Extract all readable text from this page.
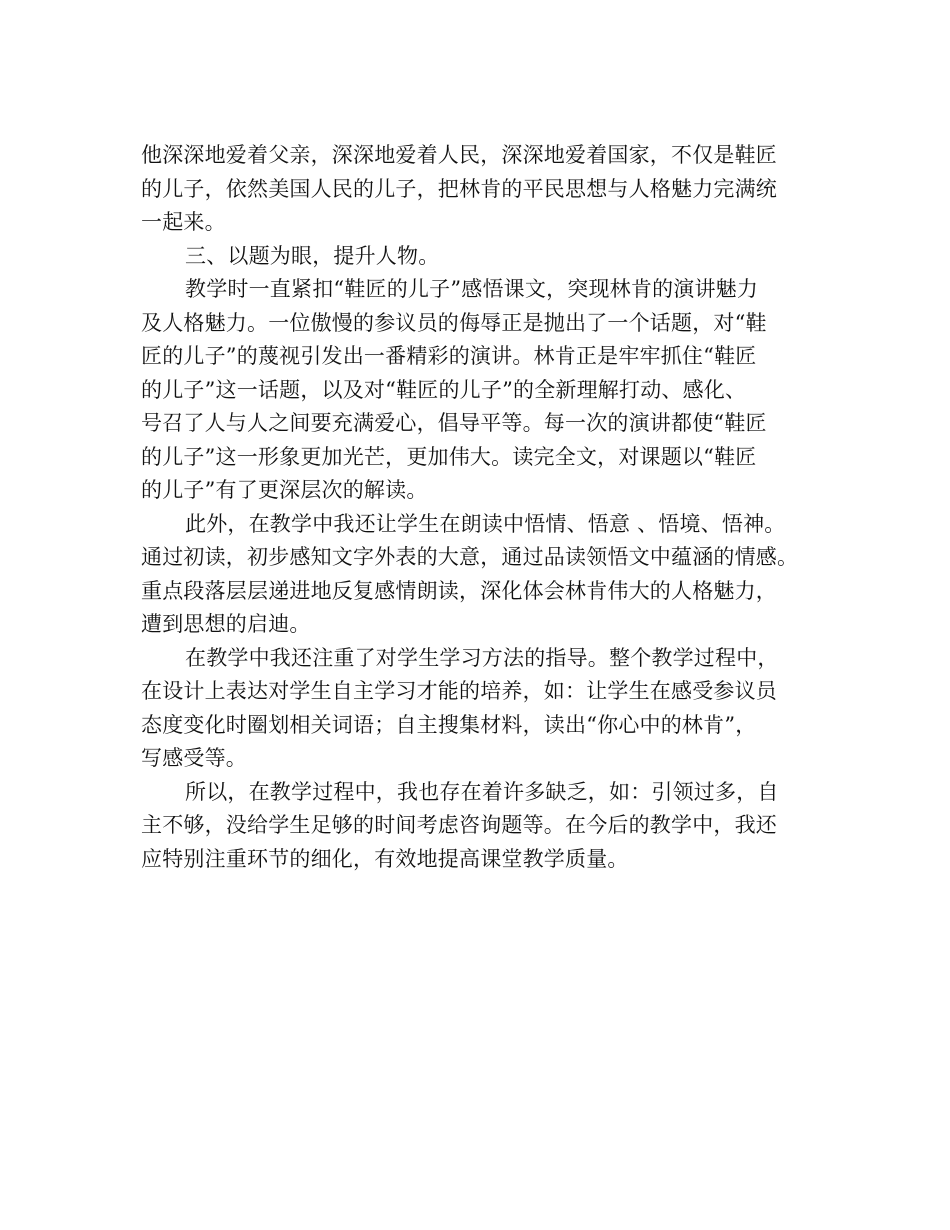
他深深地爱着父亲，深深地爱着人民，深深地爱着国家，不仅是鞋匠
的儿子，依然美国人民的儿子，把林肯的平民思想与人格魅力完满统
一起来。
三、以题为眼，提升人物。
教学时一直紧扣“鞋匠的儿子”感悟课文，突现林肯的演讲魅力
及人格魅力。一位傲慢的参议员的侮辱正是抛出了一个话题，对“鞋
匠的儿子”的蔑视引发出一番精彩的演讲。林肯正是牢牢抓住“鞋匠
的儿子”这一话题，以及对“鞋匠的儿子”的全新理解打动、感化、
号召了人与人之间要充满爱心，倡导平等。每一次的演讲都使“鞋匠
的儿子”这一形象更加光芒，更加伟大。读完全文，对课题以“鞋匠
的儿子”有了更深层次的解读。
此外，在教学中我还让学生在朗读中悟情、悟意 、悟境、悟神。
通过初读，初步感知文字外表的大意，通过品读领悟文中蕴涵的情感。
重点段落层层递进地反复感情朗读，深化体会林肯伟大的人格魅力，
遭到思想的启迪。
在教学中我还注重了对学生学习方法的指导。整个教学过程中，
在设计上表达对学生自主学习才能的培养，如：让学生在感受参议员
态度变化时圈划相关词语；自主搜集材料，读出“你心中的林肯”，
写感受等。
所以，在教学过程中，我也存在着许多缺乏，如：引领过多，自
主不够，没给学生足够的时间考虑咨询题等。在今后的教学中，我还
应特别注重环节的细化，有效地提高课堂教学质量。
